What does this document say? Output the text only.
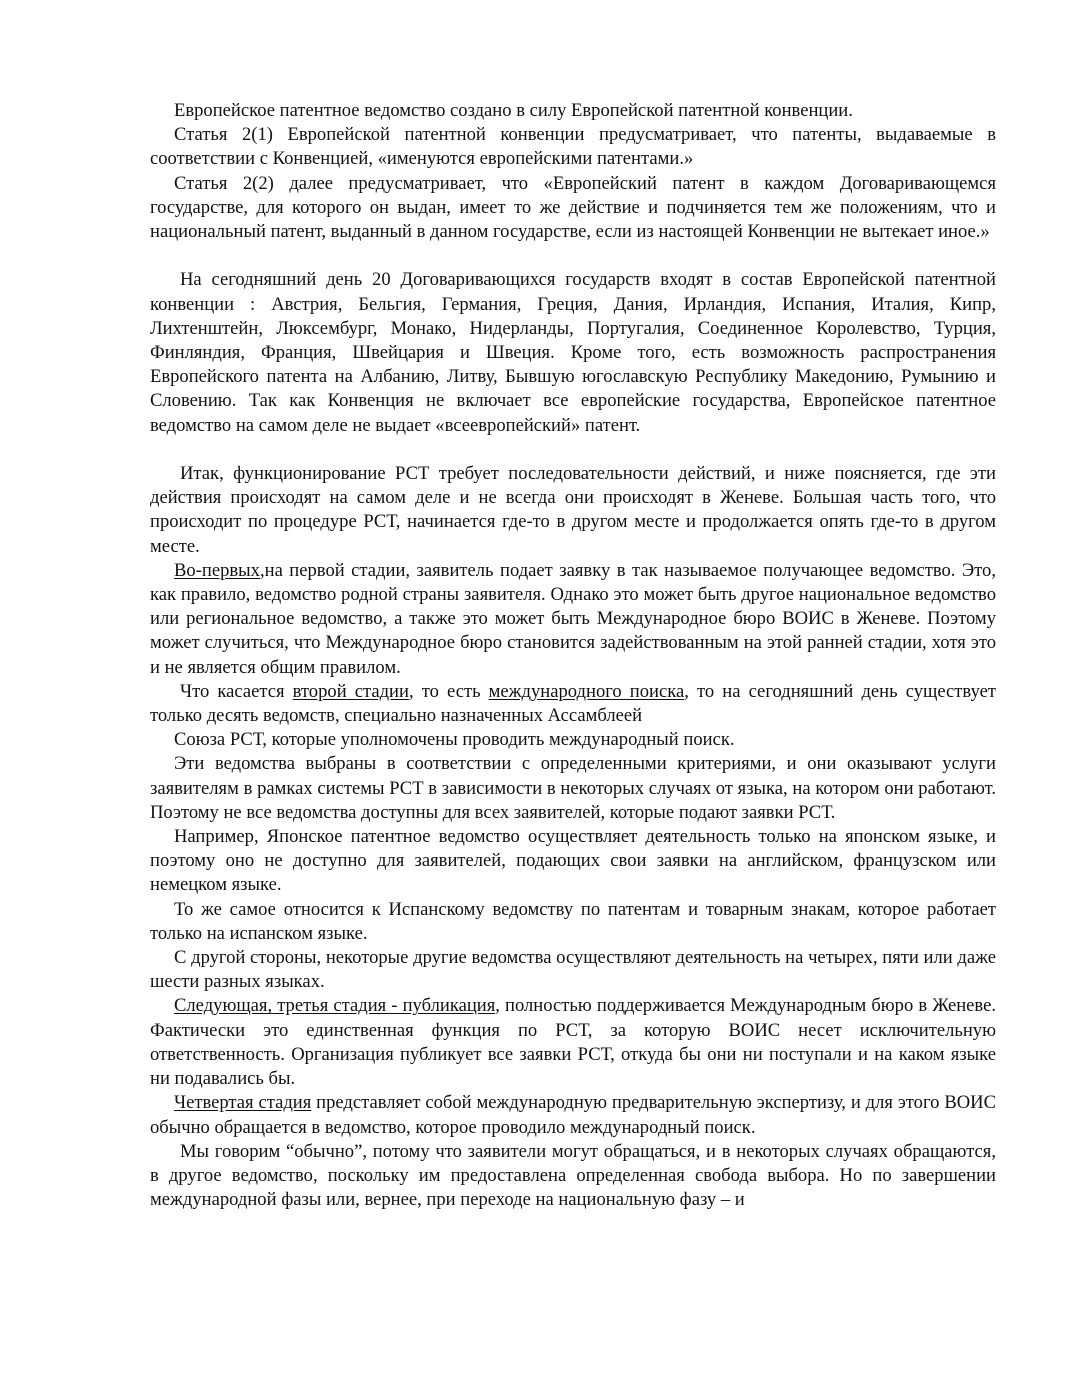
Европейское патентное ведомство создано в силу Европейской патентной конвенции.

Статья 2(1) Европейской патентной конвенции предусматривает, что патенты, выдаваемые в соответствии с Конвенцией, «именуются европейскими патентами.»

Статья 2(2) далее предусматривает, что «Европейский патент в каждом Договаривающемся государстве, для которого он выдан, имеет то же действие и подчиняется тем же положениям, что и национальный патент, выданный в данном государстве, если из настоящей Конвенции не вытекает иное.»

На сегодняшний день 20 Договаривающихся государств входят в состав Европейской патентной конвенции : Австрия, Бельгия, Германия, Греция, Дания, Ирландия, Испания, Италия, Кипр, Лихтенштейн, Люксембург, Монако, Нидерланды, Португалия, Соединенное Королевство, Турция, Финляндия, Франция, Швейцария и Швеция. Кроме того, есть возможность распространения Европейского патента на Албанию, Литву, Бывшую югославскую Республику Македонию, Румынию и Словению. Так как Конвенция не включает все европейские государства, Европейское патентное ведомство на самом деле не выдает «всеевропейский» патент.

Итак, функционирование РСТ требует последовательности действий, и ниже поясняется, где эти действия происходят на самом деле и не всегда они происходят в Женеве. Большая часть того, что происходит по процедуре РСТ, начинается где-то в другом месте и продолжается опять где-то в другом месте.

Во-первых,на первой стадии, заявитель подает заявку в так называемое получающее ведомство. Это, как правило, ведомство родной страны заявителя. Однако это может быть другое национальное ведомство или региональное ведомство, а также это может быть Международное бюро ВОИС в Женеве. Поэтому может случиться, что Международное бюро становится задействованным на этой ранней стадии, хотя это и не является общим правилом.

Что касается второй стадии, то есть международного поиска, то на сегодняшний день существует только десять ведомств, специально назначенных Ассамблеей

Союза РСТ, которые уполномочены проводить международный поиск.

Эти ведомства выбраны в соответствии с определенными критериями, и они оказывают услуги заявителям в рамках системы РСТ в зависимости в некоторых случаях от языка, на котором они работают. Поэтому не все ведомства доступны для всех заявителей, которые подают заявки РСТ.

Например, Японское патентное ведомство осуществляет деятельность только на японском языке, и поэтому оно не доступно для заявителей, подающих свои заявки на английском, французском или немецком языке.

То же самое относится к Испанскому ведомству по патентам и товарным знакам, которое работает только на испанском языке.

С другой стороны, некоторые другие ведомства осуществляют деятельность на четырех, пяти или даже шести разных языках.

Следующая, третья стадия - публикация, полностью поддерживается Международным бюро в Женеве. Фактически это единственная функция по РСТ, за которую ВОИС несет исключительную ответственность. Организация публикует все заявки РСТ, откуда бы они ни поступали и на каком языке ни подавались бы.

Четвертая стадия представляет собой международную предварительную экспертизу, и для этого ВОИС обычно обращается в ведомство, которое проводило международный поиск.

Мы говорим “обычно”, потому что заявители могут обращаться, и в некоторых случаях обращаются, в другое ведомство, поскольку им предоставлена определенная свобода выбора. Но по завершении международной фазы или, вернее, при переходе на национальную фазу – и
